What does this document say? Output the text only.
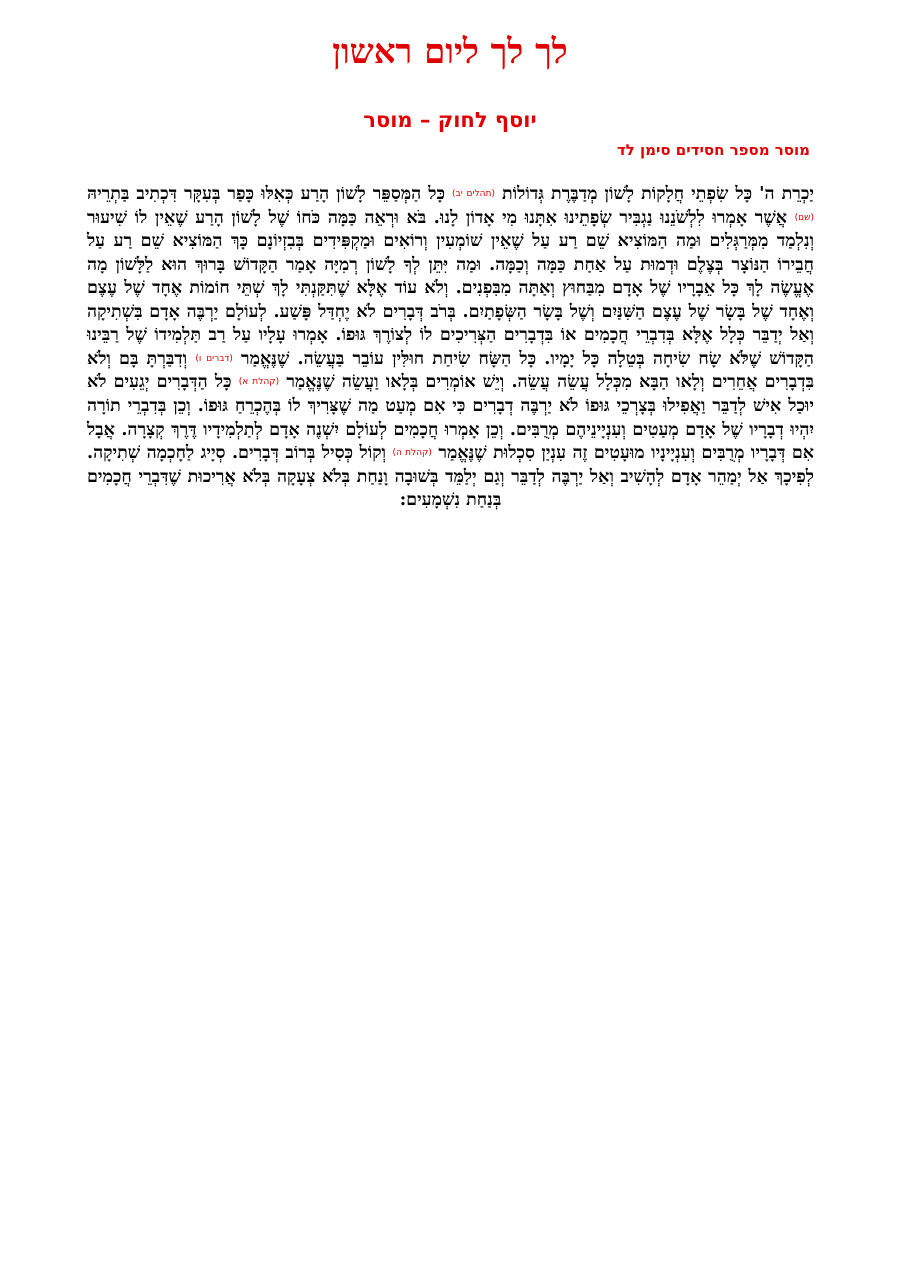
לך לך ליום ראשון
יוסף לחוק – מוסר
מוסר מספר חסידים סימן לד
יַכְרֵת ה' כָּל שִׂפְתֵי חֲלָקוֹת לָשׁוֹן מְדַבֶּרֶת גְּדוֹלוֹת (תהלים יב) כָּל הַמְּסַפֵּר לָשׁוֹן הָרַע כְּאִלּוּ כָּפַר בְּעִקָּר דִּכְתִיב בַּתְרֵיהּ (שם) אֲשֶׁר אָמְרוּ לִלְשֹׁנֵנוּ נַגְבִּיר שְׂפָתֵינוּ אִתָּנוּ מִי אָדוֹן לָנוּ. בֹּא וּרְאֵה כַּמָּה כֹּחוֹ שֶׁל לָשׁוֹן הָרַע שֶׁאֵין לוֹ שִׁיעוּר וְנִלְמַד מִמְּרַגְּלִים וּמַה הַמּוֹצִיא שֵׁם רַע עַל שֶׁאֵין שׁוֹמְעִין וְרוֹאִים וּמַקְפִּידִים בְּבִזְיוֹנָם כָּךְ הַמּוֹצִיא שֵׁם רַע עַל חֲבֵירוֹ הַנּוֹצָר בְּצֶלֶם וּדְמוּת עַל אַחַת כַּמָּה וְכַמָּה. וּמַה יִּתֵּן לְךָ לָשׁוֹן רְמִיָּה אָמַר הַקָּדוֹשׁ בָּרוּךְ הוּא לַלָּשׁוֹן מָה אֶעֱשֶׂה לָךְ כָּל אֵבָרָיו שֶׁל אָדָם מִבַּחוּץ וְאַתָּה מִבִּפְנִים. וְלֹא עוֹד אֶלָּא שֶׁתִּקַּנְתִּי לָךְ שְׁתֵּי חוֹמוֹת אֶחָד שֶׁל עֶצֶם וְאֶחָד שֶׁל בָּשָׂר שֶׁל עֶצֶם הַשִּׁנַּיִם וְשֶׁל בָּשָׂר הַשְּׂפָתַיִם. בְּרֹב דְּבָרִים לֹא יֶחְדַּל פָּשַׁע. לְעוֹלָם יַרְבֶּה אָדָם בִּשְׁתִיקָה וְאַל יְדַבֵּר כְּלָל אֶלָּא בְּדִבְרֵי חֲכָמִים אוֹ בִּדְבָרִים הַצְּרִיכִים לוֹ לְצוֹרֶךְ גּוּפוֹ. אָמְרוּ עָלָיו עַל רַב תַּלְמִידוֹ שֶׁל רַבֵּינוּ הַקָּדוֹשׁ שֶׁלֹּא שָׂח שִׂיחָה בְּטֵלָה כָּל יָמָיו. כָּל הַשָּׂח שִׂיחַת חוּלִּין עוֹבֵר בַּעֲשֵׂה. שֶׁנֶּאֱמַר (דברים ו) וְדִבַּרְתָּ בָּם וְלֹא בִּדְבָרִים אֲחֵרִים וְלָאו הַבָּא מִכְּלָל עֲשֵׂה עֲשֵׂה. וְיֵשׁ אוֹמְרִים בְּלָאו וַעֲשֵׂה שֶׁנֶּאֱמַר (קהלת א) כָּל הַדְּבָרִים יְגֵעִים לֹא יוּכַל אִישׁ לְדַבֵּר וַאֲפִילוּ בְּצָרְכֵי גּוּפוֹ לֹא יַרְבֶּה דְבָרִים כִּי אִם מְעַט מַה שֶׁצָּרִיךְ לוֹ בְּהֶכְרֵחַ גּוּפוֹ. וְכֵן בְּדִבְרֵי תוֹרָה יִהְיוּ דְבָרָיו שֶׁל אָדָם מְעַטִים וְעִנְיָינֵיהֶם מְרֻבִּים. וְכֵן אָמְרוּ חֲכָמִים לְעוֹלָם יִשְׁנֶה אָדָם לְתַלְמִידָיו דֶּרֶךְ קְצָרָה. אֲבָל אִם דְּבָרָיו מְרֻבִּים וְעִנְיָינָיו מוּעָטִים זֶה עִנְיַן סִכְלוּת שֶׁנֶּאֱמַר (קהלת ה) וְקוֹל כְּסִיל בְּרוֹב דְּבָרִים. סְיָיג לַחָכְמָה שְׁתִיקָה. לְפִיכָךְ אַל יְמַהֵר אָדָם לְהָשִׁיב וְאַל יַרְבֶּה לְדַבֵּר וְגַם יְלַמֵּד בְּשׁוּבָה וָנַחַת בְּלֹא צְעָקָה בְּלֹא אֲרִיכוּת שֶׁדִּבְרֵי חֲכָמִים בְּנַחַת נִשְׁמָעִים:
